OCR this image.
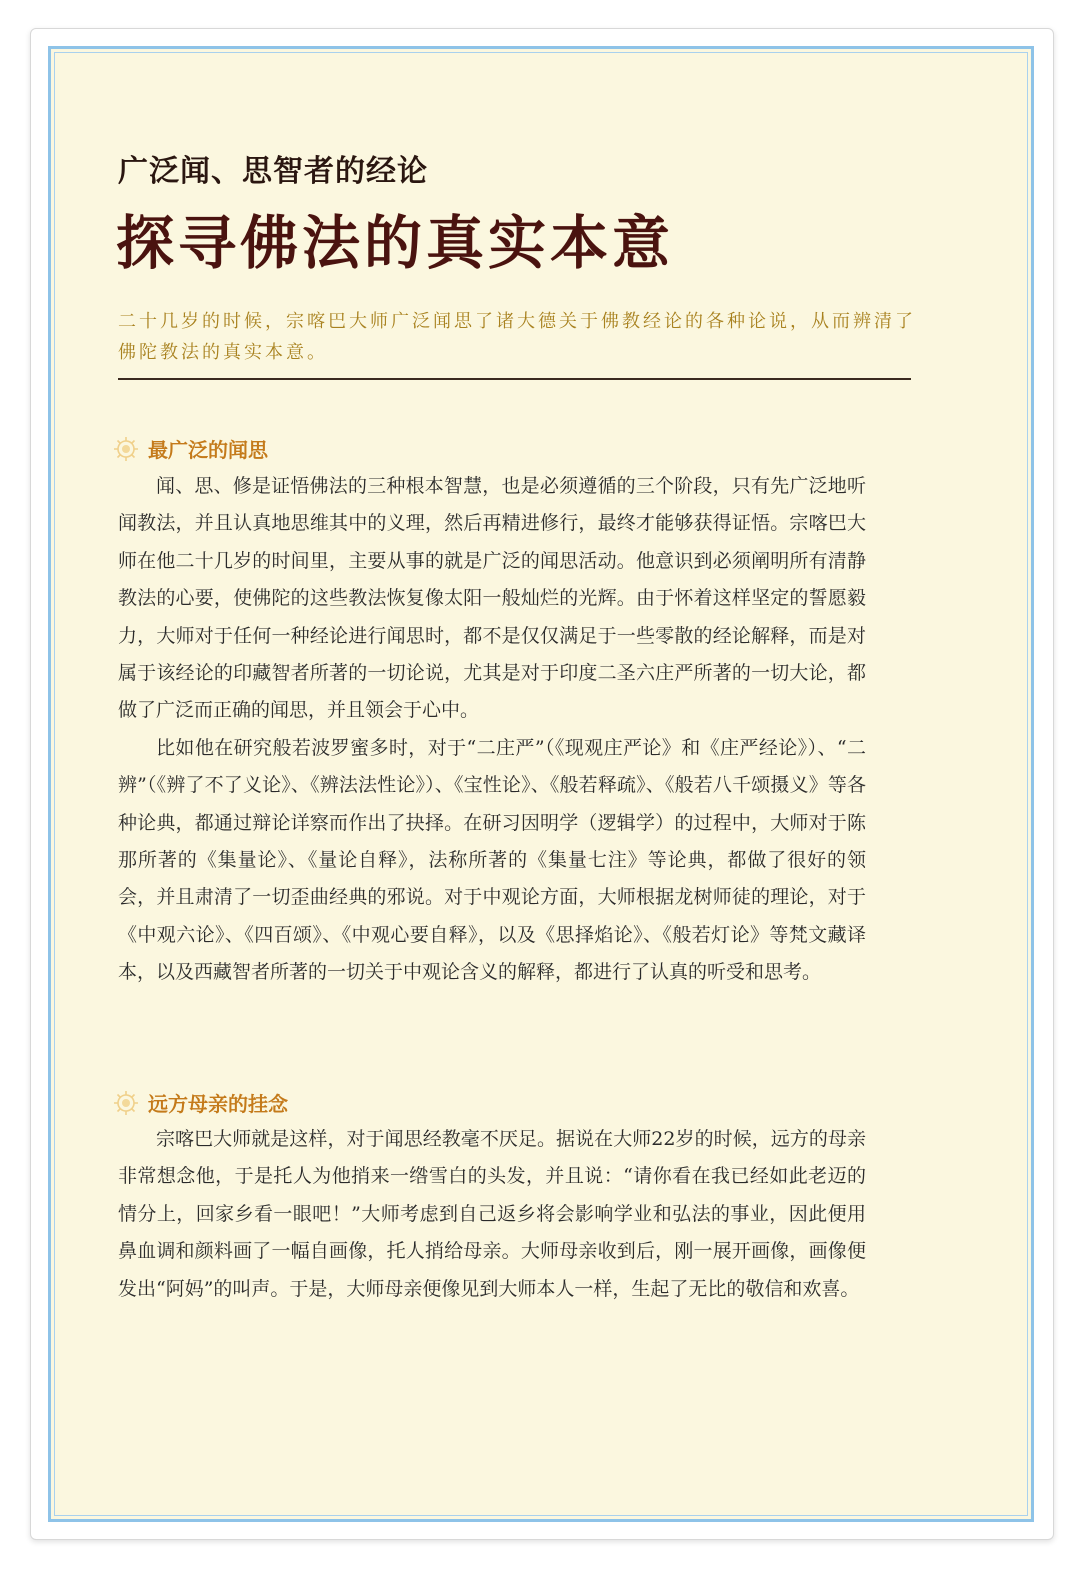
广泛闻、思智者的经论
探寻佛法的真实本意
二十几岁的时候，宗喀巴大师广泛闻思了诸大德关于佛教经论的各种论说，从而辨清了佛陀教法的真实本意。
最广泛的闻思

闻、思、修是证悟佛法的三种根本智慧，也是必须遵循的三个阶段，只有先广泛地听闻教法，并且认真地思维其中的义理，然后再精进修行，最终才能够获得证悟。宗喀巴大师在他二十几岁的时间里，主要从事的就是广泛的闻思活动。他意识到必须阐明所有清静教法的心要，使佛陀的这些教法恢复像太阳一般灿烂的光辉。由于怀着这样坚定的誓愿毅力，大师对于任何一种经论进行闻思时，都不是仅仅满足于一些零散的经论解释，而是对属于该经论的印藏智者所著的一切论说，尤其是对于印度二圣六庄严所著的一切大论，都做了广泛而正确的闻思，并且领会于心中。

比如他在研究般若波罗蜜多时，对于“二庄严”（《现观庄严论》和《庄严经论》）、“二辨”（《辨了不了义论》、《辨法法性论》）、《宝性论》、《般若释疏》、《般若八千颂摄义》等各种论典，都通过辩论详察而作出了抉择。在研习因明学（逻辑学）的过程中，大师对于陈那所著的《集量论》、《量论自释》，法称所著的《集量七注》等论典，都做了很好的领会，并且肃清了一切歪曲经典的邪说。对于中观论方面，大师根据龙树师徒的理论，对于《中观六论》、《四百颂》、《中观心要自释》，以及《思择焰论》、《般若灯论》等梵文藏译本，以及西藏智者所著的一切关于中观论含义的解释，都进行了认真的听受和思考。

远方母亲的挂念

宗喀巴大师就是这样，对于闻思经教毫不厌足。据说在大师22岁的时候，远方的母亲非常想念他，于是托人为他捎来一绺雪白的头发，并且说：“请你看在我已经如此老迈的情分上，回家乡看一眼吧！”大师考虑到自己返乡将会影响学业和弘法的事业，因此便用鼻血调和颜料画了一幅自画像，托人捎给母亲。大师母亲收到后，刚一展开画像，画像便发出“阿妈”的叫声。于是，大师母亲便像见到大师本人一样，生起了无比的敬信和欢喜。
